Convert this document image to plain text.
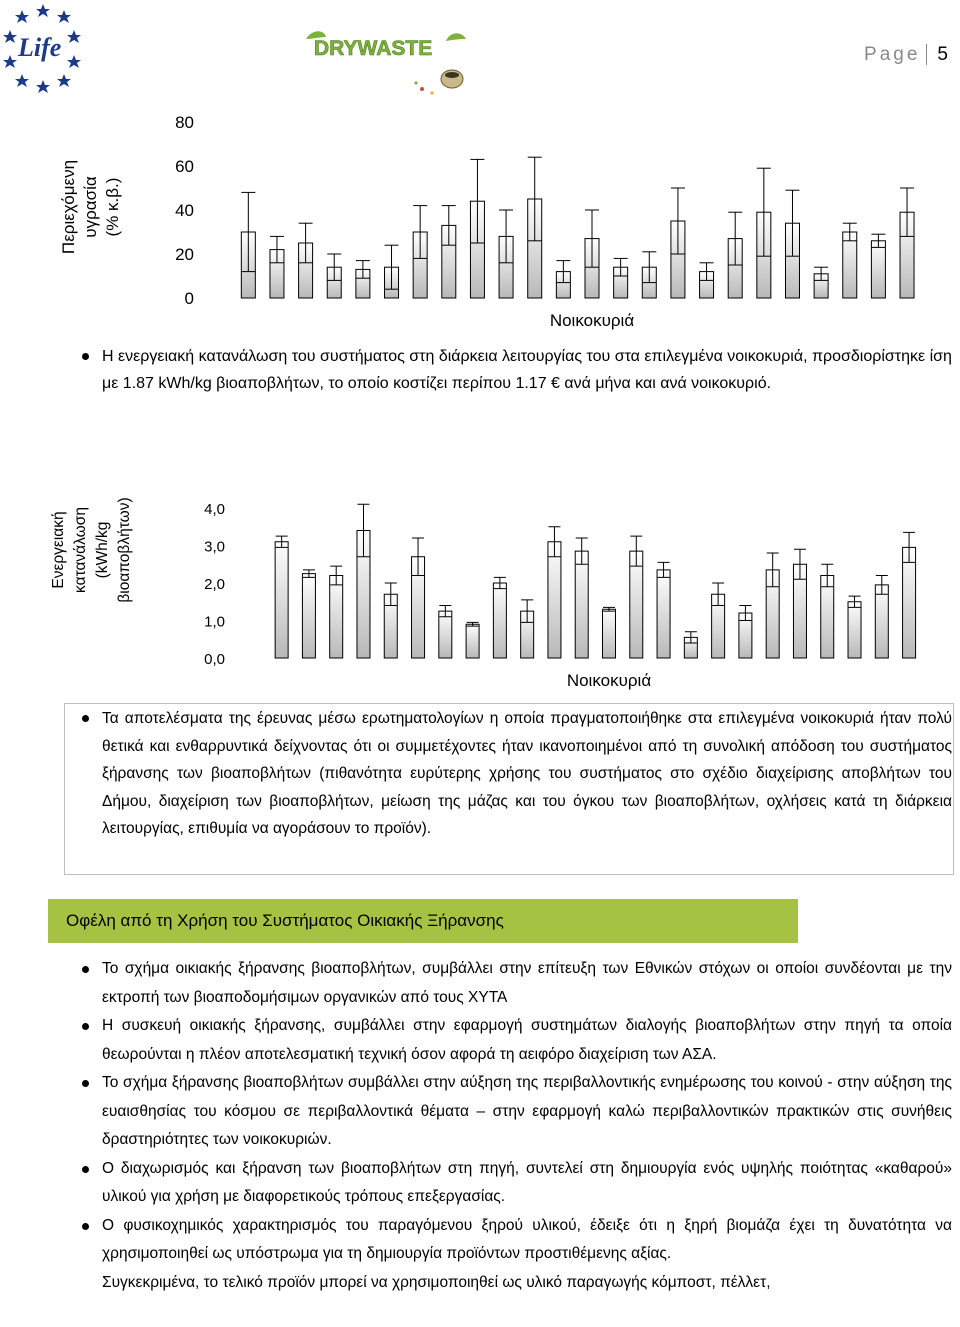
Life	DRYWASTE	Page 5
Περιεχόμενη υγρασία (% κ.β.)
0
20
40
60
80
Νοικοκυριά
Η ενεργειακή κατανάλωση του συστήματος στη διάρκεια λειτουργίας του στα επιλεγμένα νοικοκυριά, προσδιορίστηκε ίση με 1.87 kWh/kg βιοαποβλήτων, το οποίο κοστίζει περίπου 1.17 € ανά μήνα και ανά νοικοκυριό.
Ενεργειακή κατανάλωση (kWh/kg βιοαποβλήτων)
0,0
1,0
2,0
3,0
4,0
Νοικοκυριά
Τα αποτελέσματα της έρευνας μέσω ερωτηματολογίων η οποία πραγματοποιήθηκε στα επιλεγμένα νοικοκυριά ήταν πολύ θετικά και ενθαρρυντικά δείχνοντας ότι οι συμμετέχοντες ήταν ικανοποιημένοι από τη συνολική απόδοση του συστήματος ξήρανσης των βιοαποβλήτων (πιθανότητα ευρύτερης χρήσης του συστήματος στο σχέδιο διαχείρισης αποβλήτων του Δήμου, διαχείριση των βιοαποβλήτων, μείωση της μάζας και του όγκου των βιοαποβλήτων, οχλήσεις κατά τη διάρκεια λειτουργίας, επιθυμία να αγοράσουν το προϊόν).
Οφέλη από τη Χρήση του Συστήματος Οικιακής Ξήρανσης
Το σχήμα οικιακής ξήρανσης βιοαποβλήτων, συμβάλλει στην επίτευξη των Εθνικών στόχων οι οποίοι συνδέονται με την εκτροπή των βιοαποδομήσιμων οργανικών από τους ΧΥΤΑ
Η συσκευή οικιακής ξήρανσης, συμβάλλει στην εφαρμογή συστημάτων διαλογής βιοαποβλήτων στην πηγή τα οποία θεωρούνται η πλέον αποτελεσματική τεχνική όσον αφορά τη αειφόρο διαχείριση των ΑΣΑ.
Το σχήμα ξήρανσης βιοαποβλήτων συμβάλλει στην αύξηση της περιβαλλοντικής ενημέρωσης του κοινού - στην αύξηση της ευαισθησίας του κόσμου σε περιβαλλοντικά θέματα – στην εφαρμογή καλώ περιβαλλοντικών πρακτικών στις συνήθεις δραστηριότητες των νοικοκυριών.
Ο διαχωρισμός και ξήρανση των βιοαποβλήτων στη πηγή, συντελεί στη δημιουργία ενός υψηλής ποιότητας «καθαρού» υλικού για χρήση με διαφορετικούς τρόπους επεξεργασίας.
Ο φυσικοχημικός χαρακτηρισμός του παραγόμενου ξηρού υλικού, έδειξε ότι η ξηρή βιομάζα έχει τη δυνατότητα να χρησιμοποιηθεί ως υπόστρωμα για τη δημιουργία προϊόντων προστιθέμενης αξίας.
Συγκεκριμένα, το τελικό προϊόν μπορεί να χρησιμοποιηθεί ως υλικό παραγωγής κόμποστ, πέλλετ,
